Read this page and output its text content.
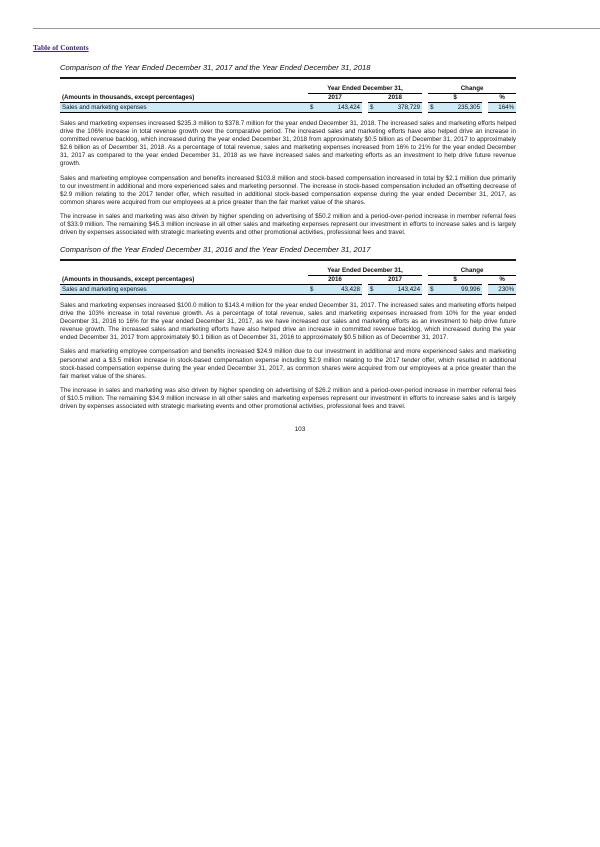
Table of Contents

Comparison of the Year Ended December 31, 2017 and the Year Ended December 31, 2018

	Year Ended December 31,						Change			
(Amounts in thousands, except percentages)	2017			2018			$			%
Sales and marketing expenses	$	143,424		$	378,729		$	235,305		164%

Sales and marketing expenses increased $235.3 million to $378.7 million for the year ended December 31, 2018. The increased sales and marketing efforts helped drive the 106% increase in total revenue growth over the comparative period. The increased sales and marketing efforts have also helped drive an increase in committed revenue backlog, which increased during the year ended December 31, 2018 from approximately $0.5 billion as of December 31, 2017 to approximately $2.6 billion as of December 31, 2018. As a percentage of total revenue, sales and marketing expenses increased from 16% to 21% for the year ended December 31, 2017 as compared to the year ended December 31, 2018 as we have increased sales and marketing efforts as an investment to help drive future revenue growth.

Sales and marketing employee compensation and benefits increased $103.8 million and stock-based compensation increased in total by $2.1 million due primarily to our investment in additional and more experienced sales and marketing personnel. The increase in stock-based compensation included an offsetting decrease of $2.9 million relating to the 2017 tender offer, which resulted in additional stock-based compensation expense during the year ended December 31, 2017, as common shares were acquired from our employees at a price greater than the fair market value of the shares.

The increase in sales and marketing was also driven by higher spending on advertising of $50.2 million and a period-over-period increase in member referral fees of $33.9 million. The remaining $45.3 million increase in all other sales and marketing expenses represent our investment in efforts to increase sales and is largely driven by expenses associated with strategic marketing events and other promotional activities, professional fees and travel.

Comparison of the Year Ended December 31, 2016 and the Year Ended December 31, 2017

	Year Ended December 31,						Change			
(Amounts in thousands, except percentages)	2016			2017			$			%
Sales and marketing expenses	$	43,428		$	143,424		$	99,996		230%

Sales and marketing expenses increased $100.0 million to $143.4 million for the year ended December 31, 2017. The increased sales and marketing efforts helped drive the 103% increase in total revenue growth. As a percentage of total revenue, sales and marketing expenses increased from 10% for the year ended December 31, 2016 to 16% for the year ended December 31, 2017, as we have increased our sales and marketing efforts as an investment to help drive future revenue growth. The increased sales and marketing efforts have also helped drive an increase in committed revenue backlog, which increased during the year ended December 31, 2017 from approximately $0.1 billion as of December 31, 2016 to approximately $0.5 billion as of December 31, 2017.

Sales and marketing employee compensation and benefits increased $24.9 million due to our investment in additional and more experienced sales and marketing personnel and a $3.5 million increase in stock-based compensation expense including $2.9 million relating to the 2017 tender offer, which resulted in additional stock-based compensation expense during the year ended December 31, 2017, as common shares were acquired from our employees at a price greater than the fair market value of the shares.

The increase in sales and marketing was also driven by higher spending on advertising of $26.2 million and a period-over-period increase in member referral fees of $10.5 million. The remaining $34.9 million increase in all other sales and marketing expenses represent our investment in efforts to increase sales and is largely driven by expenses associated with strategic marketing events and other promotional activities, professional fees and travel.

103
